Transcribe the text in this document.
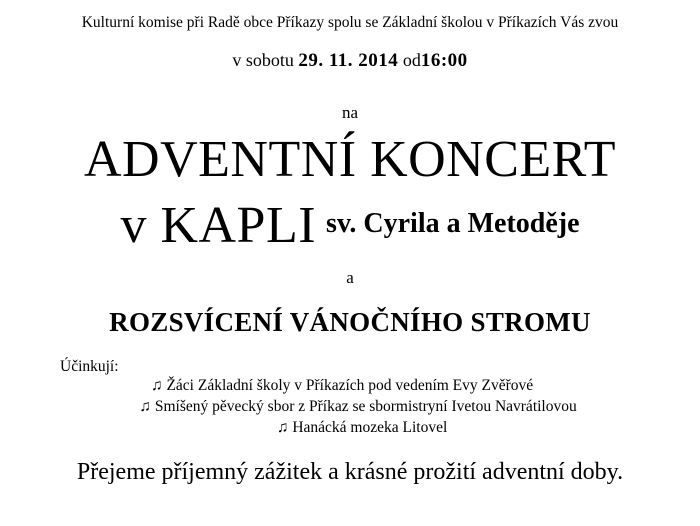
Kulturní komise při Radě obce Příkazy spolu se Základní školou v Příkazích Vás zvou
v sobotu 29. 11. 2014 od16:00
na
ADVENTNÍ KONCERT
v KAPLI $^{sv. Cyrila a Metoděje}$
a
ROZSVÍCENÍ VÁNOČNÍHO STROMU
Účinkují:
♫ Žáci Základní školy v Příkazích pod vedením Evy Zvěřové
♫ Smíšený pěvecký sbor z Příkaz se sbormistryní Ivetou Navrátilovou
♫ Hanácká mozeka Litovel
Přejeme příjemný zážitek a krásné prožití adventní doby.
